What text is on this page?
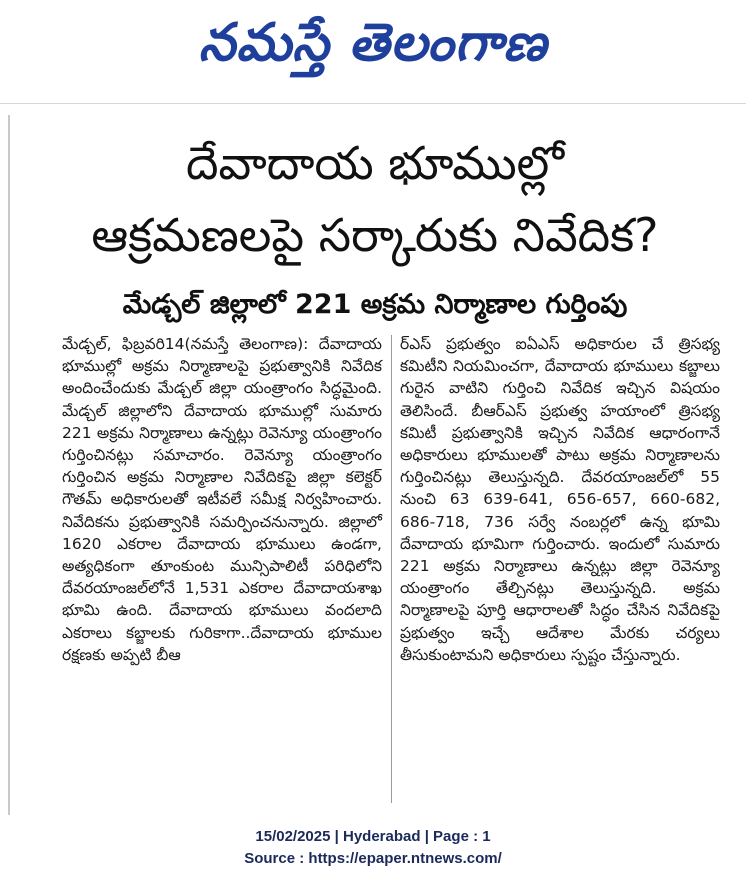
నమస్తే తెలంగాణ
దేవాదాయ భూముల్లో
ఆక్రమణలపై సర్కారుకు నివేదిక?
మేడ్చల్ జిల్లాలో 221 అక్రమ నిర్మాణాల గుర్తింపు

మేడ్చల్, ఫిబ్రవరి14(నమస్తే తెలంగాణ): దేవాదాయ భూముల్లో అక్రమ నిర్మాణాలపై ప్రభుత్వానికి నివేదిక అందించేందుకు మేడ్చల్ జిల్లా యంత్రాంగం సిద్ధమైంది. మేడ్చల్ జిల్లాలోని దేవాదాయ భూముల్లో సుమారు 221 అక్రమ నిర్మాణాలు ఉన్నట్లు రెవెన్యూ యంత్రాంగం గుర్తించినట్లు సమాచారం. రెవెన్యూ యంత్రాంగం గుర్తించిన అక్రమ నిర్మాణాల నివేదికపై జిల్లా కలెక్టర్ గౌతమ్ అధికారులతో ఇటీవలే సమీక్ష నిర్వహించారు. నివేదికను ప్రభుత్వానికి సమర్పించనున్నారు. జిల్లాలో 1620 ఎకరాల దేవాదాయ భూములు ఉండగా, అత్యధికంగా తూంకుంట మున్సిపాలిటీ పరిధిలోని దేవరయాంజల్‌లోనే 1,531 ఎకరాల దేవాదాయశాఖ భూమి ఉంది. దేవాదాయ భూములు వందలాది ఎకరాలు కబ్జాలకు గురికాగా..దేవాదాయ భూముల రక్షణకు అప్పటి బీఆ

ర్‌ఎస్ ప్రభుత్వం ఐఏఎస్ అధికారుల చే త్రిసభ్య కమిటీని నియమించగా, దేవాదాయ భూములు కబ్జాలు గురైన వాటిని గుర్తించి నివేదిక ఇచ్చిన విషయం తెలిసిందే. బీఆర్‌ఎస్ ప్రభుత్వ హయాంలో త్రిసభ్య కమిటీ ప్రభుత్వానికి ఇచ్చిన నివేదిక ఆధారంగానే అధికారులు భూములతో పాటు అక్రమ నిర్మాణాలను గుర్తించినట్లు తెలుస్తున్నది. దేవరయాంజల్‌లో 55 నుంచి 63 639-641, 656-657, 660-682, 686-718, 736 సర్వే నంబర్లలో ఉన్న భూమి దేవాదాయ భూమిగా గుర్తించారు. ఇందులో సుమారు 221 అక్రమ నిర్మాణాలు ఉన్నట్లు జిల్లా రెవెన్యూ యంత్రాంగం తేల్చినట్లు తెలుస్తున్నది. అక్రమ నిర్మాణాలపై పూర్తి ఆధారాలతో సిద్ధం చేసిన నివేదికపై ప్రభుత్వం ఇచ్చే ఆదేశాల మేరకు చర్యలు తీసుకుంటామని అధికారులు స్పష్టం చేస్తున్నారు.

15/02/2025 | Hyderabad | Page : 1
Source : https://epaper.ntnews.com/
